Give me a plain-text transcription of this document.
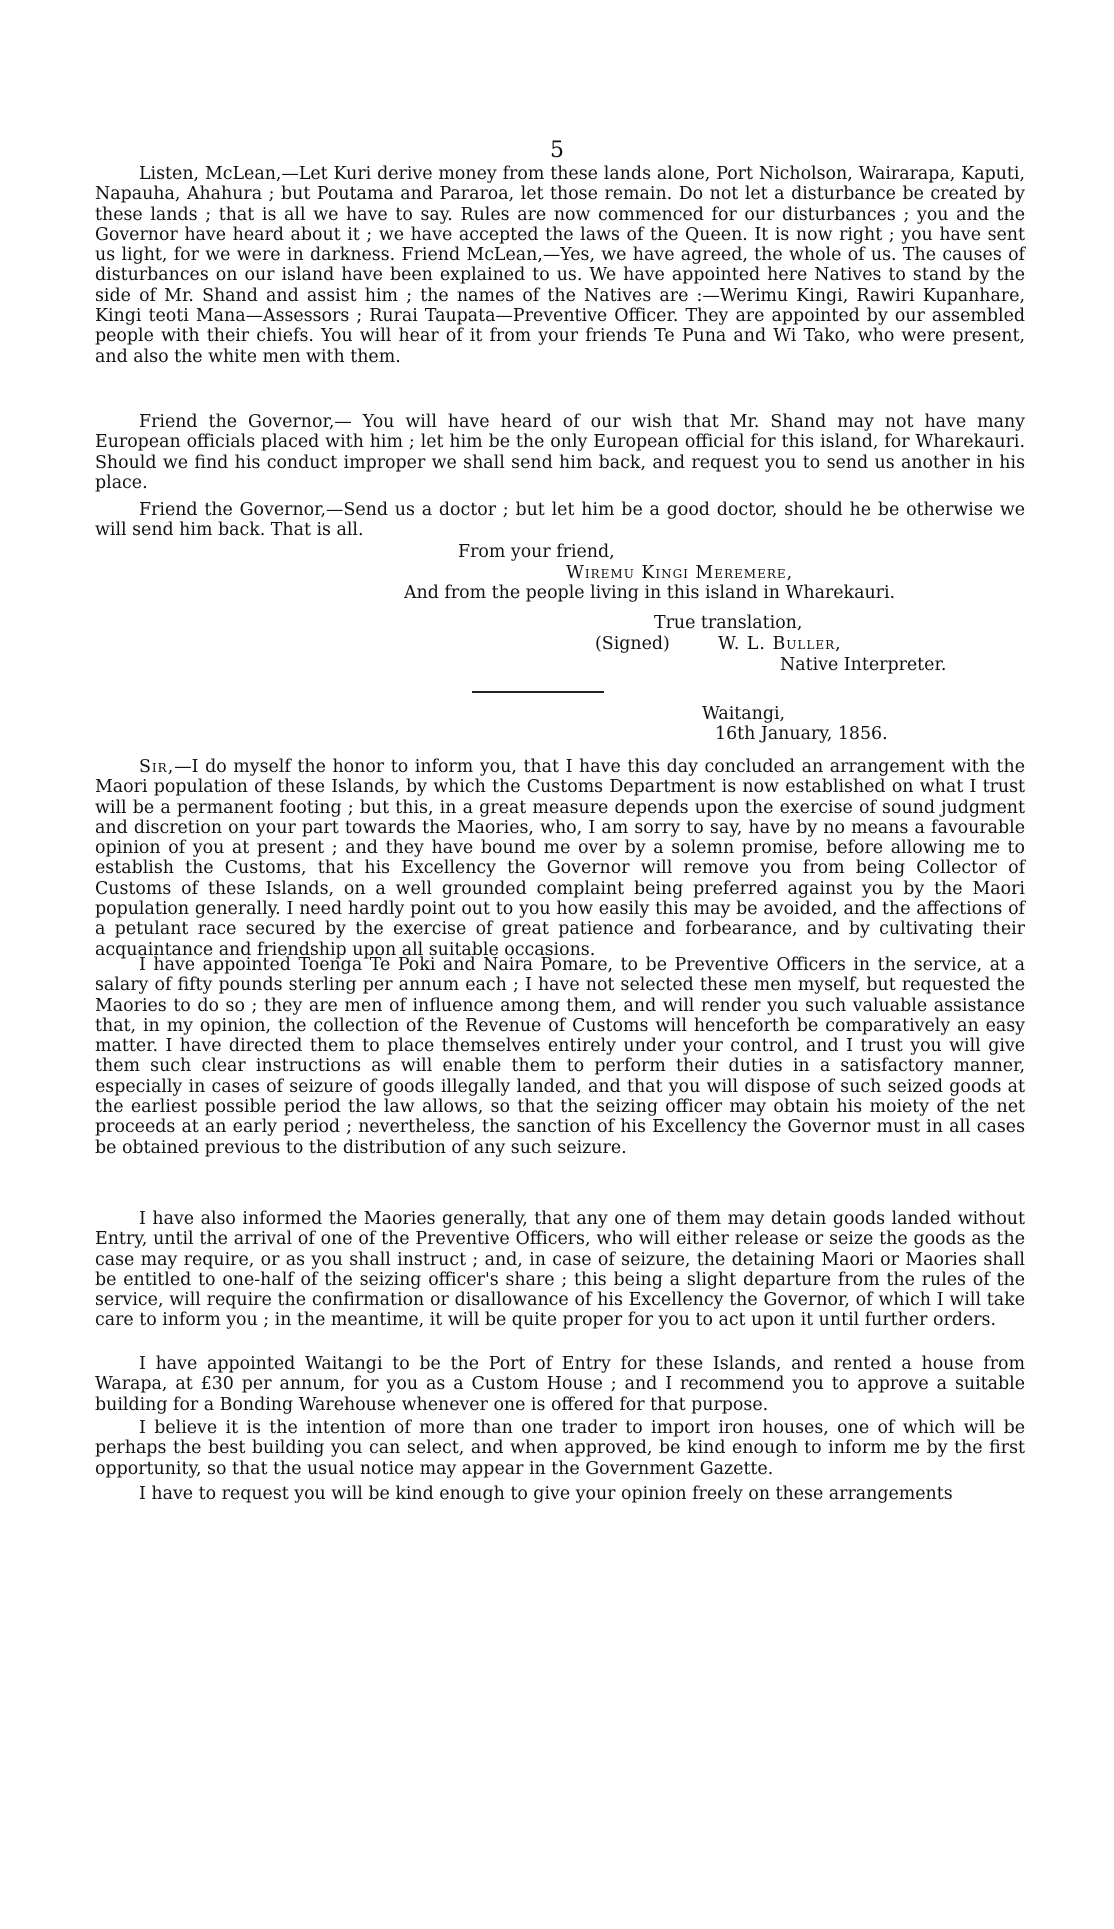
5

Listen, McLean,—Let Kuri derive money from these lands alone, Port Nicholson, Wairarapa, Kaputi, Napauha, Ahahura ; but Poutama and Pararoa, let those remain. Do not let a disturbance be created by these lands ; that is all we have to say. Rules are now commenced for our disturbances ; you and the Governor have heard about it ; we have accepted the laws of the Queen. It is now right ; you have sent us light, for we were in darkness. Friend McLean,—Yes, we have agreed, the whole of us. The causes of disturbances on our island have been explained to us. We have appointed here Natives to stand by the side of Mr. Shand and assist him ; the names of the Natives are :—Werimu Kingi, Rawiri Kupanhare, Kingi teoti Mana—Assessors ; Rurai Taupata—Preventive Officer. They are appointed by our assembled people with their chiefs. You will hear of it from your friends Te Puna and Wi Tako, who were present, and also the white men with them.

Friend the Governor,— You will have heard of our wish that Mr. Shand may not have many European officials placed with him ; let him be the only European official for this island, for Wharekauri. Should we find his conduct improper we shall send him back, and request you to send us another in his place.

Friend the Governor,—Send us a doctor ; but let him be a good doctor, should he be otherwise we will send him back. That is all.

From your friend,
Wiremu Kingi Meremere,
And from the people living in this island in Wharekauri.
True translation,
(Signed)	W. L. Buller,
Native Interpreter.
Waitangi,
16th January, 1856.

Sir,—I do myself the honor to inform you, that I have this day concluded an arrangement with the Maori population of these Islands, by which the Customs Department is now established on what I trust will be a permanent footing ; but this, in a great measure depends upon the exercise of sound judgment and discretion on your part towards the Maories, who, I am sorry to say, have by no means a favourable opinion of you at present ; and they have bound me over by a solemn promise, before allowing me to establish the Customs, that his Excellency the Governor will remove you from being Collector of Customs of these Islands, on a well grounded complaint being preferred against you by the Maori population generally. I need hardly point out to you how easily this may be avoided, and the affections of a petulant race secured by the exercise of great patience and forbearance, and by cultivating their acquaintance and friendship upon all suitable occasions.

I have appointed Toenga Te Poki and Naira Pomare, to be Preventive Officers in the service, at a salary of fifty pounds sterling per annum each ; I have not selected these men myself, but requested the Maories to do so ; they are men of influence among them, and will render you such valuable assistance that, in my opinion, the collection of the Revenue of Customs will henceforth be comparatively an easy matter. I have directed them to place themselves entirely under your control, and I trust you will give them such clear instructions as will enable them to perform their duties in a satisfactory manner, especially in cases of seizure of goods illegally landed, and that you will dispose of such seized goods at the earliest possible period the law allows, so that the seizing officer may obtain his moiety of the net proceeds at an early period ; nevertheless, the sanction of his Excellency the Governor must in all cases be obtained previous to the distribution of any such seizure.

I have also informed the Maories generally, that any one of them may detain goods landed without Entry, until the arrival of one of the Preventive Officers, who will either release or seize the goods as the case may require, or as you shall instruct ; and, in case of seizure, the detaining Maori or Maories shall be entitled to one-half of the seizing officer's share ; this being a slight departure from the rules of the service, will require the confirmation or disallowance of his Excellency the Governor, of which I will take care to inform you ; in the meantime, it will be quite proper for you to act upon it until further orders.

I have appointed Waitangi to be the Port of Entry for these Islands, and rented a house from Warapa, at £30 per annum, for you as a Custom House ; and I recommend you to approve a suitable building for a Bonding Warehouse whenever one is offered for that purpose.

I believe it is the intention of more than one trader to import iron houses, one of which will be perhaps the best building you can select, and when approved, be kind enough to inform me by the first opportunity, so that the usual notice may appear in the Government Gazette.

I have to request you will be kind enough to give your opinion freely on these arrangements
